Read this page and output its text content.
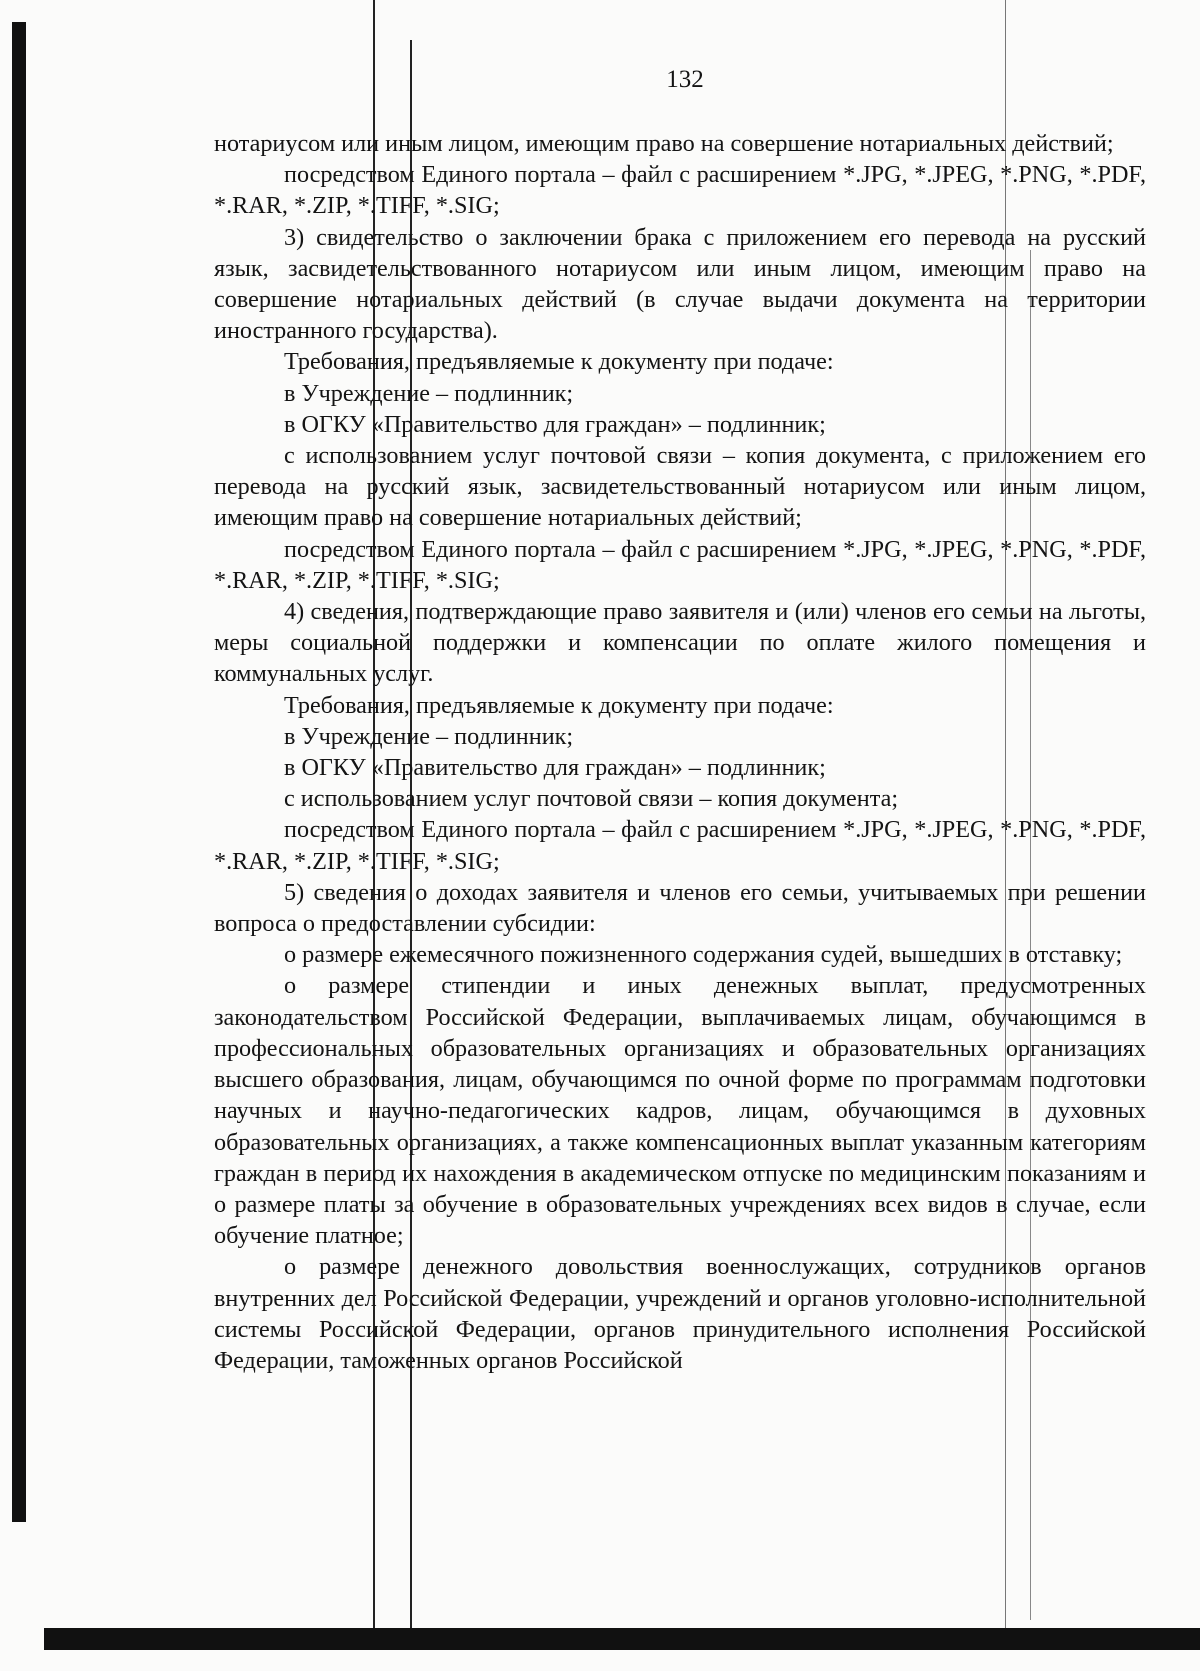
132

нотариусом или иным лицом, имеющим право на совершение нотариальных действий;

посредством Единого портала – файл с расширением *.JPG, *.JPEG, *.PNG, *.PDF, *.RAR, *.ZIP, *.TIFF, *.SIG;

3) свидетельство о заключении брака с приложением его перевода на русский язык, засвидетельствованного нотариусом или иным лицом, имеющим право на совершение нотариальных действий (в случае выдачи документа на территории иностранного государства).

Требования, предъявляемые к документу при подаче:

в Учреждение – подлинник;

в ОГКУ «Правительство для граждан» – подлинник;

с использованием услуг почтовой связи – копия документа, с приложением его перевода на русский язык, засвидетельствованный нотариусом или иным лицом, имеющим право на совершение нотариальных действий;

посредством Единого портала – файл с расширением *.JPG, *.JPEG, *.PNG, *.PDF, *.RAR, *.ZIP, *.TIFF, *.SIG;

4) сведения, подтверждающие право заявителя и (или) членов его семьи на льготы, меры социальной поддержки и компенсации по оплате жилого помещения и коммунальных услуг.

Требования, предъявляемые к документу при подаче:

в Учреждение – подлинник;

в ОГКУ «Правительство для граждан» – подлинник;

с использованием услуг почтовой связи – копия документа;

посредством Единого портала – файл с расширением *.JPG, *.JPEG, *.PNG, *.PDF, *.RAR, *.ZIP, *.TIFF, *.SIG;

5) сведения о доходах заявителя и членов его семьи, учитываемых при решении вопроса о предоставлении субсидии:

о размере ежемесячного пожизненного содержания судей, вышедших в отставку;

о размере стипендии и иных денежных выплат, предусмотренных законодательством Российской Федерации, выплачиваемых лицам, обучающимся в профессиональных образовательных организациях и образовательных организациях высшего образования, лицам, обучающимся по очной форме по программам подготовки научных и научно-педагогических кадров, лицам, обучающимся в духовных образовательных организациях, а также компенсационных выплат указанным категориям граждан в период их нахождения в академическом отпуске по медицинским показаниям и о размере платы за обучение в образовательных учреждениях всех видов в случае, если обучение платное;

о размере денежного довольствия военнослужащих, сотрудников органов внутренних дел Российской Федерации, учреждений и органов уголовно-исполнительной системы Российской Федерации, органов принудительного исполнения Российской Федерации, таможенных органов Российской
